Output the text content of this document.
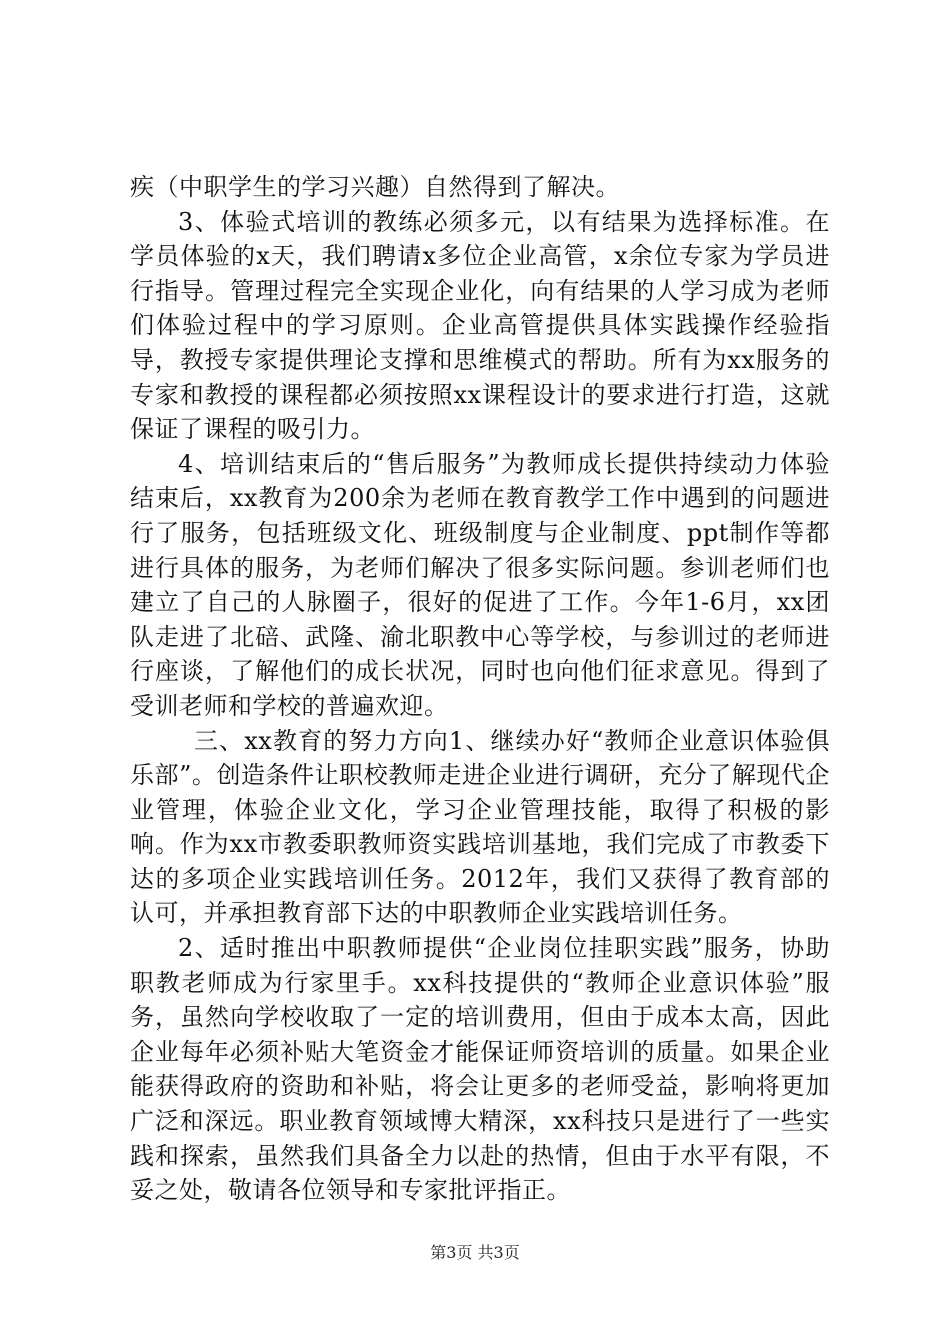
疾（中职学生的学习兴趣）自然得到了解决。

3、体验式培训的教练必须多元，以有结果为选择标准。在学员体验的x天，我们聘请x多位企业高管，x余位专家为学员进行指导。管理过程完全实现企业化，向有结果的人学习成为老师们体验过程中的学习原则。企业高管提供具体实践操作经验指导，教授专家提供理论支撑和思维模式的帮助。所有为xx服务的专家和教授的课程都必须按照xx课程设计的要求进行打造，这就保证了课程的吸引力。

4、培训结束后的“售后服务”为教师成长提供持续动力体验结束后，xx教育为200余为老师在教育教学工作中遇到的问题进行了服务，包括班级文化、班级制度与企业制度、ppt制作等都进行具体的服务，为老师们解决了很多实际问题。参训老师们也建立了自己的人脉圈子，很好的促进了工作。今年1-6月，xx团队走进了北碚、武隆、渝北职教中心等学校，与参训过的老师进行座谈，了解他们的成长状况，同时也向他们征求意见。得到了受训老师和学校的普遍欢迎。

三、xx教育的努力方向1、继续办好“教师企业意识体验俱乐部”。创造条件让职校教师走进企业进行调研，充分了解现代企业管理，体验企业文化，学习企业管理技能，取得了积极的影响。作为xx市教委职教师资实践培训基地，我们完成了市教委下达的多项企业实践培训任务。2012年，我们又获得了教育部的认可，并承担教育部下达的中职教师企业实践培训任务。

2、适时推出中职教师提供“企业岗位挂职实践”服务，协助职教老师成为行家里手。xx科技提供的“教师企业意识体验”服务，虽然向学校收取了一定的培训费用，但由于成本太高，因此企业每年必须补贴大笔资金才能保证师资培训的质量。如果企业能获得政府的资助和补贴，将会让更多的老师受益，影响将更加广泛和深远。职业教育领域博大精深，xx科技只是进行了一些实践和探索，虽然我们具备全力以赴的热情，但由于水平有限，不妥之处，敬请各位领导和专家批评指正。

第3页 共3页
